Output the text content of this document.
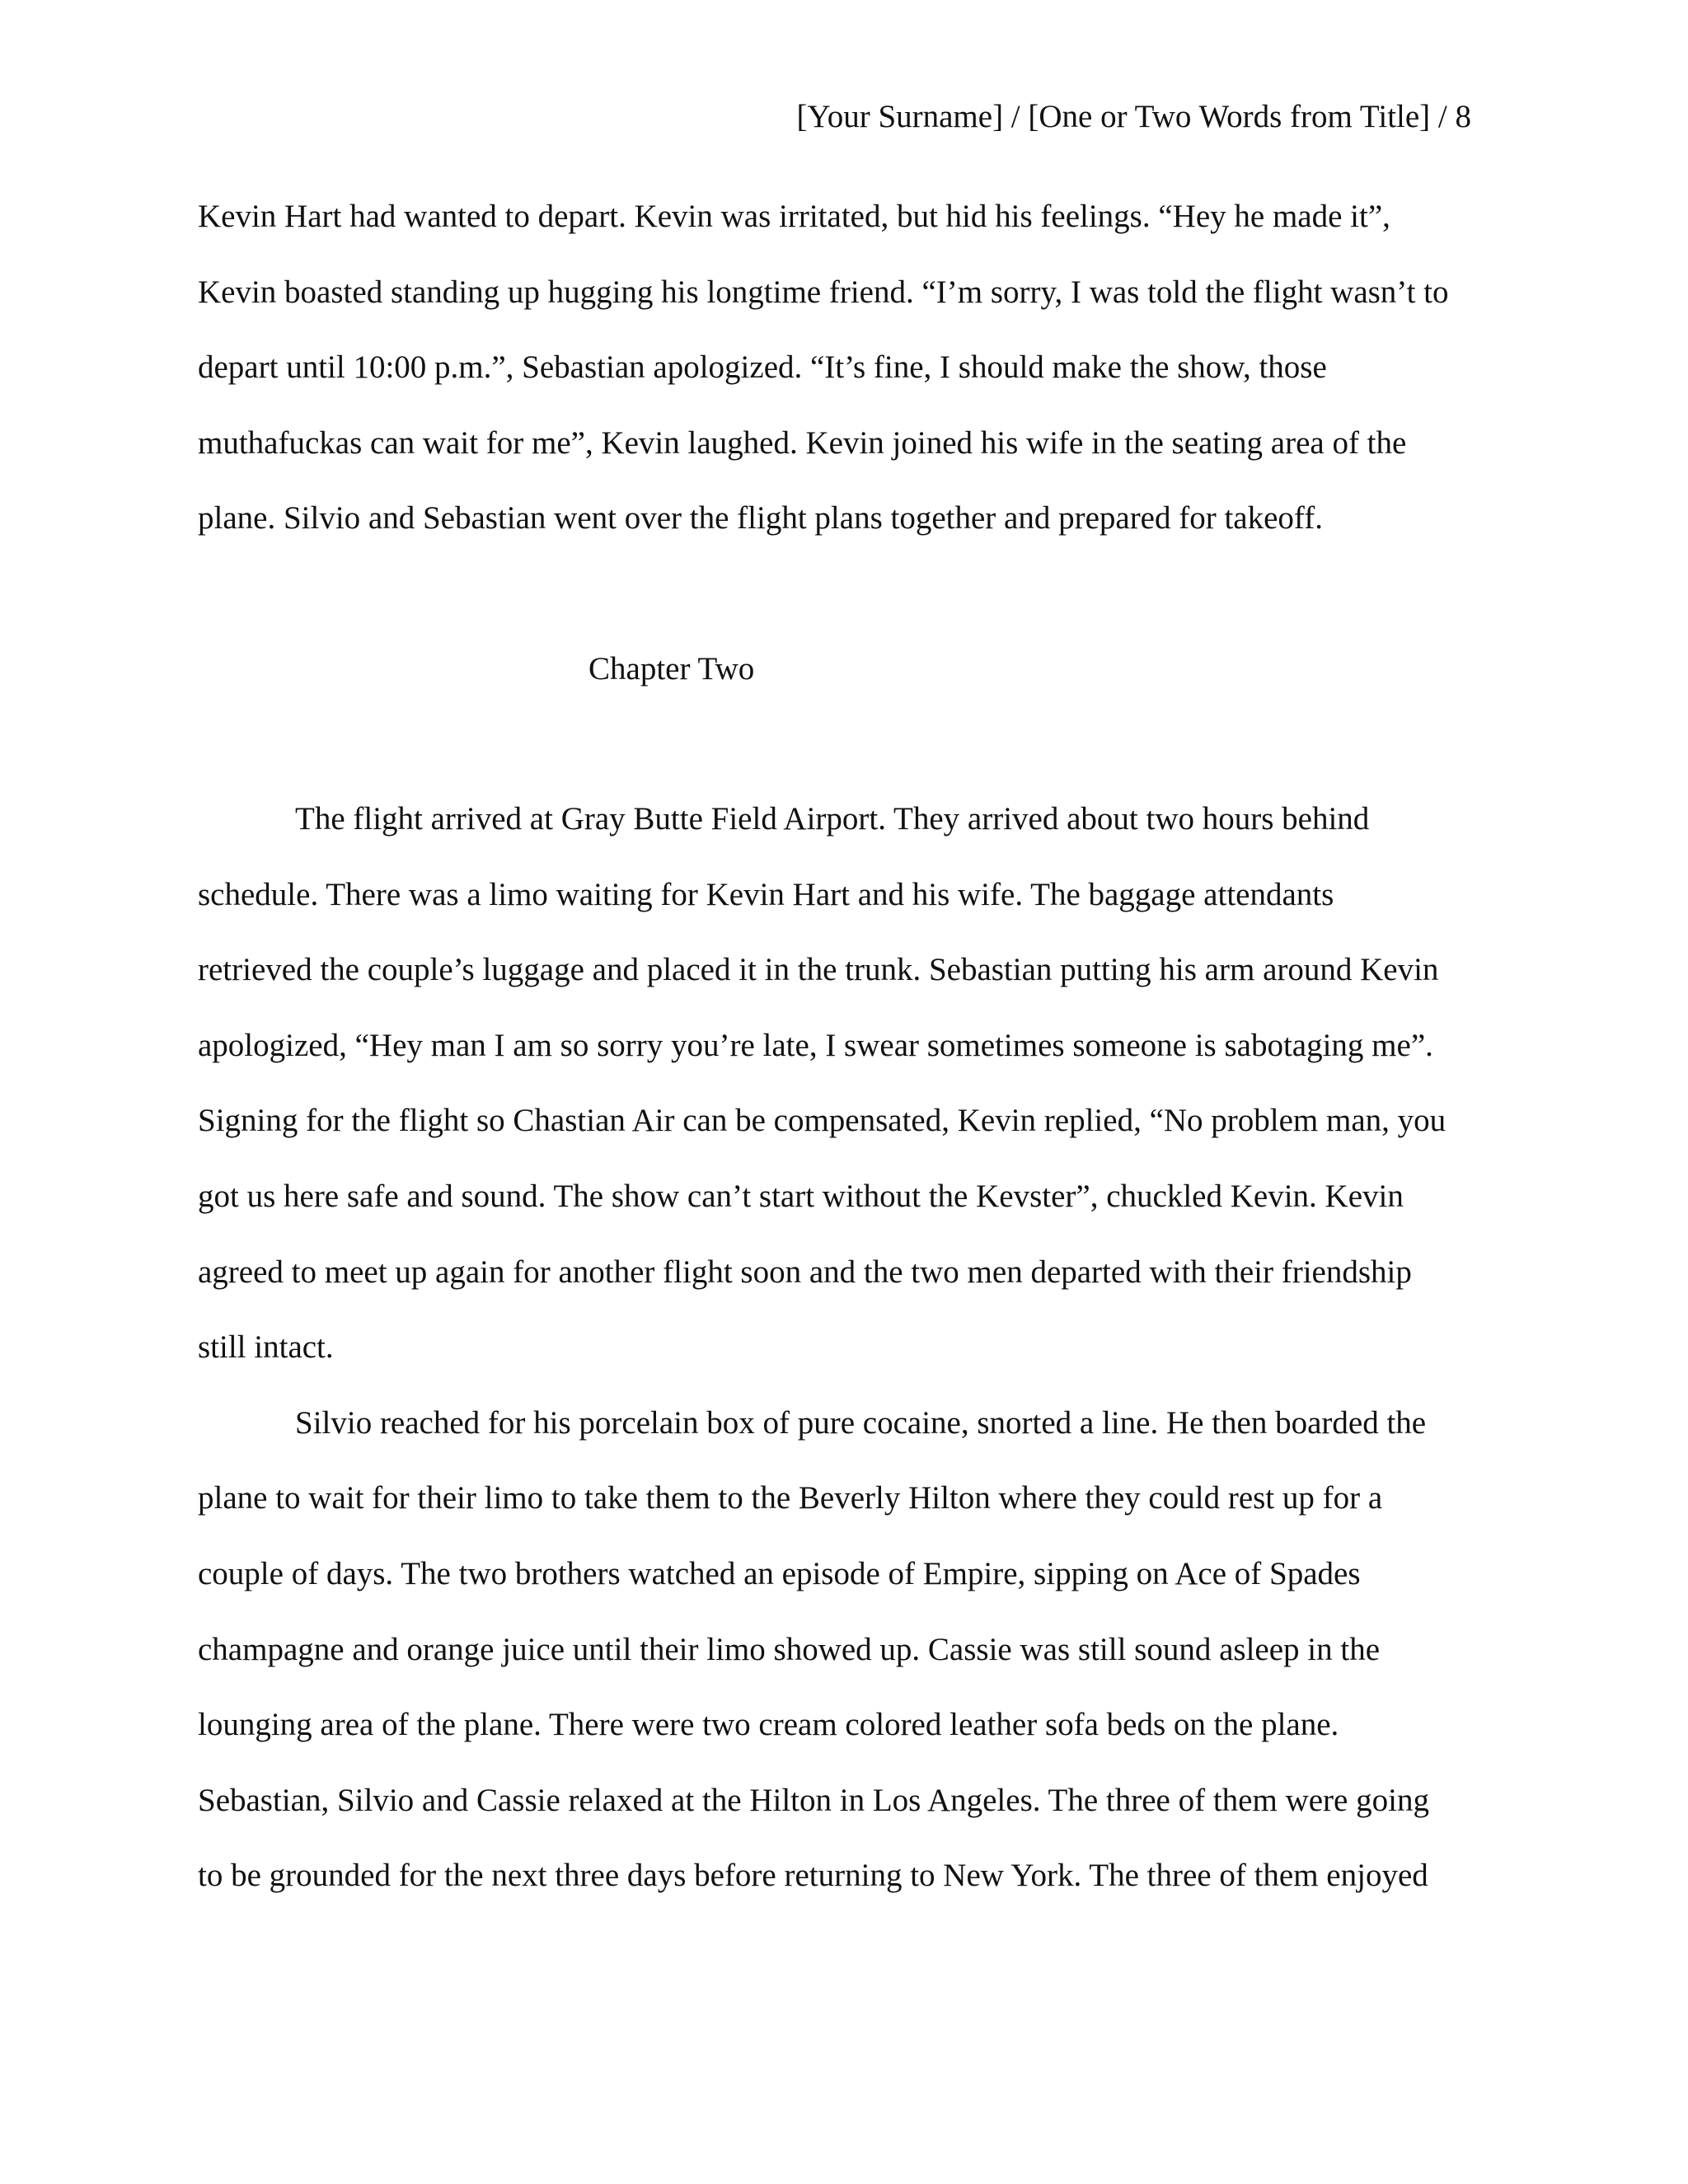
[Your Surname] / [One or Two Words from Title] / 8
Kevin Hart had wanted to depart. Kevin was irritated, but hid his feelings. “Hey he made it”,
Kevin boasted standing up hugging his longtime friend. “I’m sorry, I was told the flight wasn’t to
depart until 10:00 p.m.”, Sebastian apologized. “It’s fine, I should make the show, those
muthafuckas can wait for me”, Kevin laughed. Kevin joined his wife in the seating area of the
plane. Silvio and Sebastian went over the flight plans together and prepared for takeoff.
Chapter Two
The flight arrived at Gray Butte Field Airport. They arrived about two hours behind
schedule. There was a limo waiting for Kevin Hart and his wife. The baggage attendants
retrieved the couple’s luggage and placed it in the trunk. Sebastian putting his arm around Kevin
apologized, “Hey man I am so sorry you’re late, I swear sometimes someone is sabotaging me”.
Signing for the flight so Chastian Air can be compensated, Kevin replied, “No problem man, you
got us here safe and sound. The show can’t start without the Kevster”, chuckled Kevin. Kevin
agreed to meet up again for another flight soon and the two men departed with their friendship
still intact.
Silvio reached for his porcelain box of pure cocaine, snorted a line. He then boarded the
plane to wait for their limo to take them to the Beverly Hilton where they could rest up for a
couple of days. The two brothers watched an episode of Empire, sipping on Ace of Spades
champagne and orange juice until their limo showed up. Cassie was still sound asleep in the
lounging area of the plane. There were two cream colored leather sofa beds on the plane.
Sebastian, Silvio and Cassie relaxed at the Hilton in Los Angeles. The three of them were going
to be grounded for the next three days before returning to New York. The three of them enjoyed
